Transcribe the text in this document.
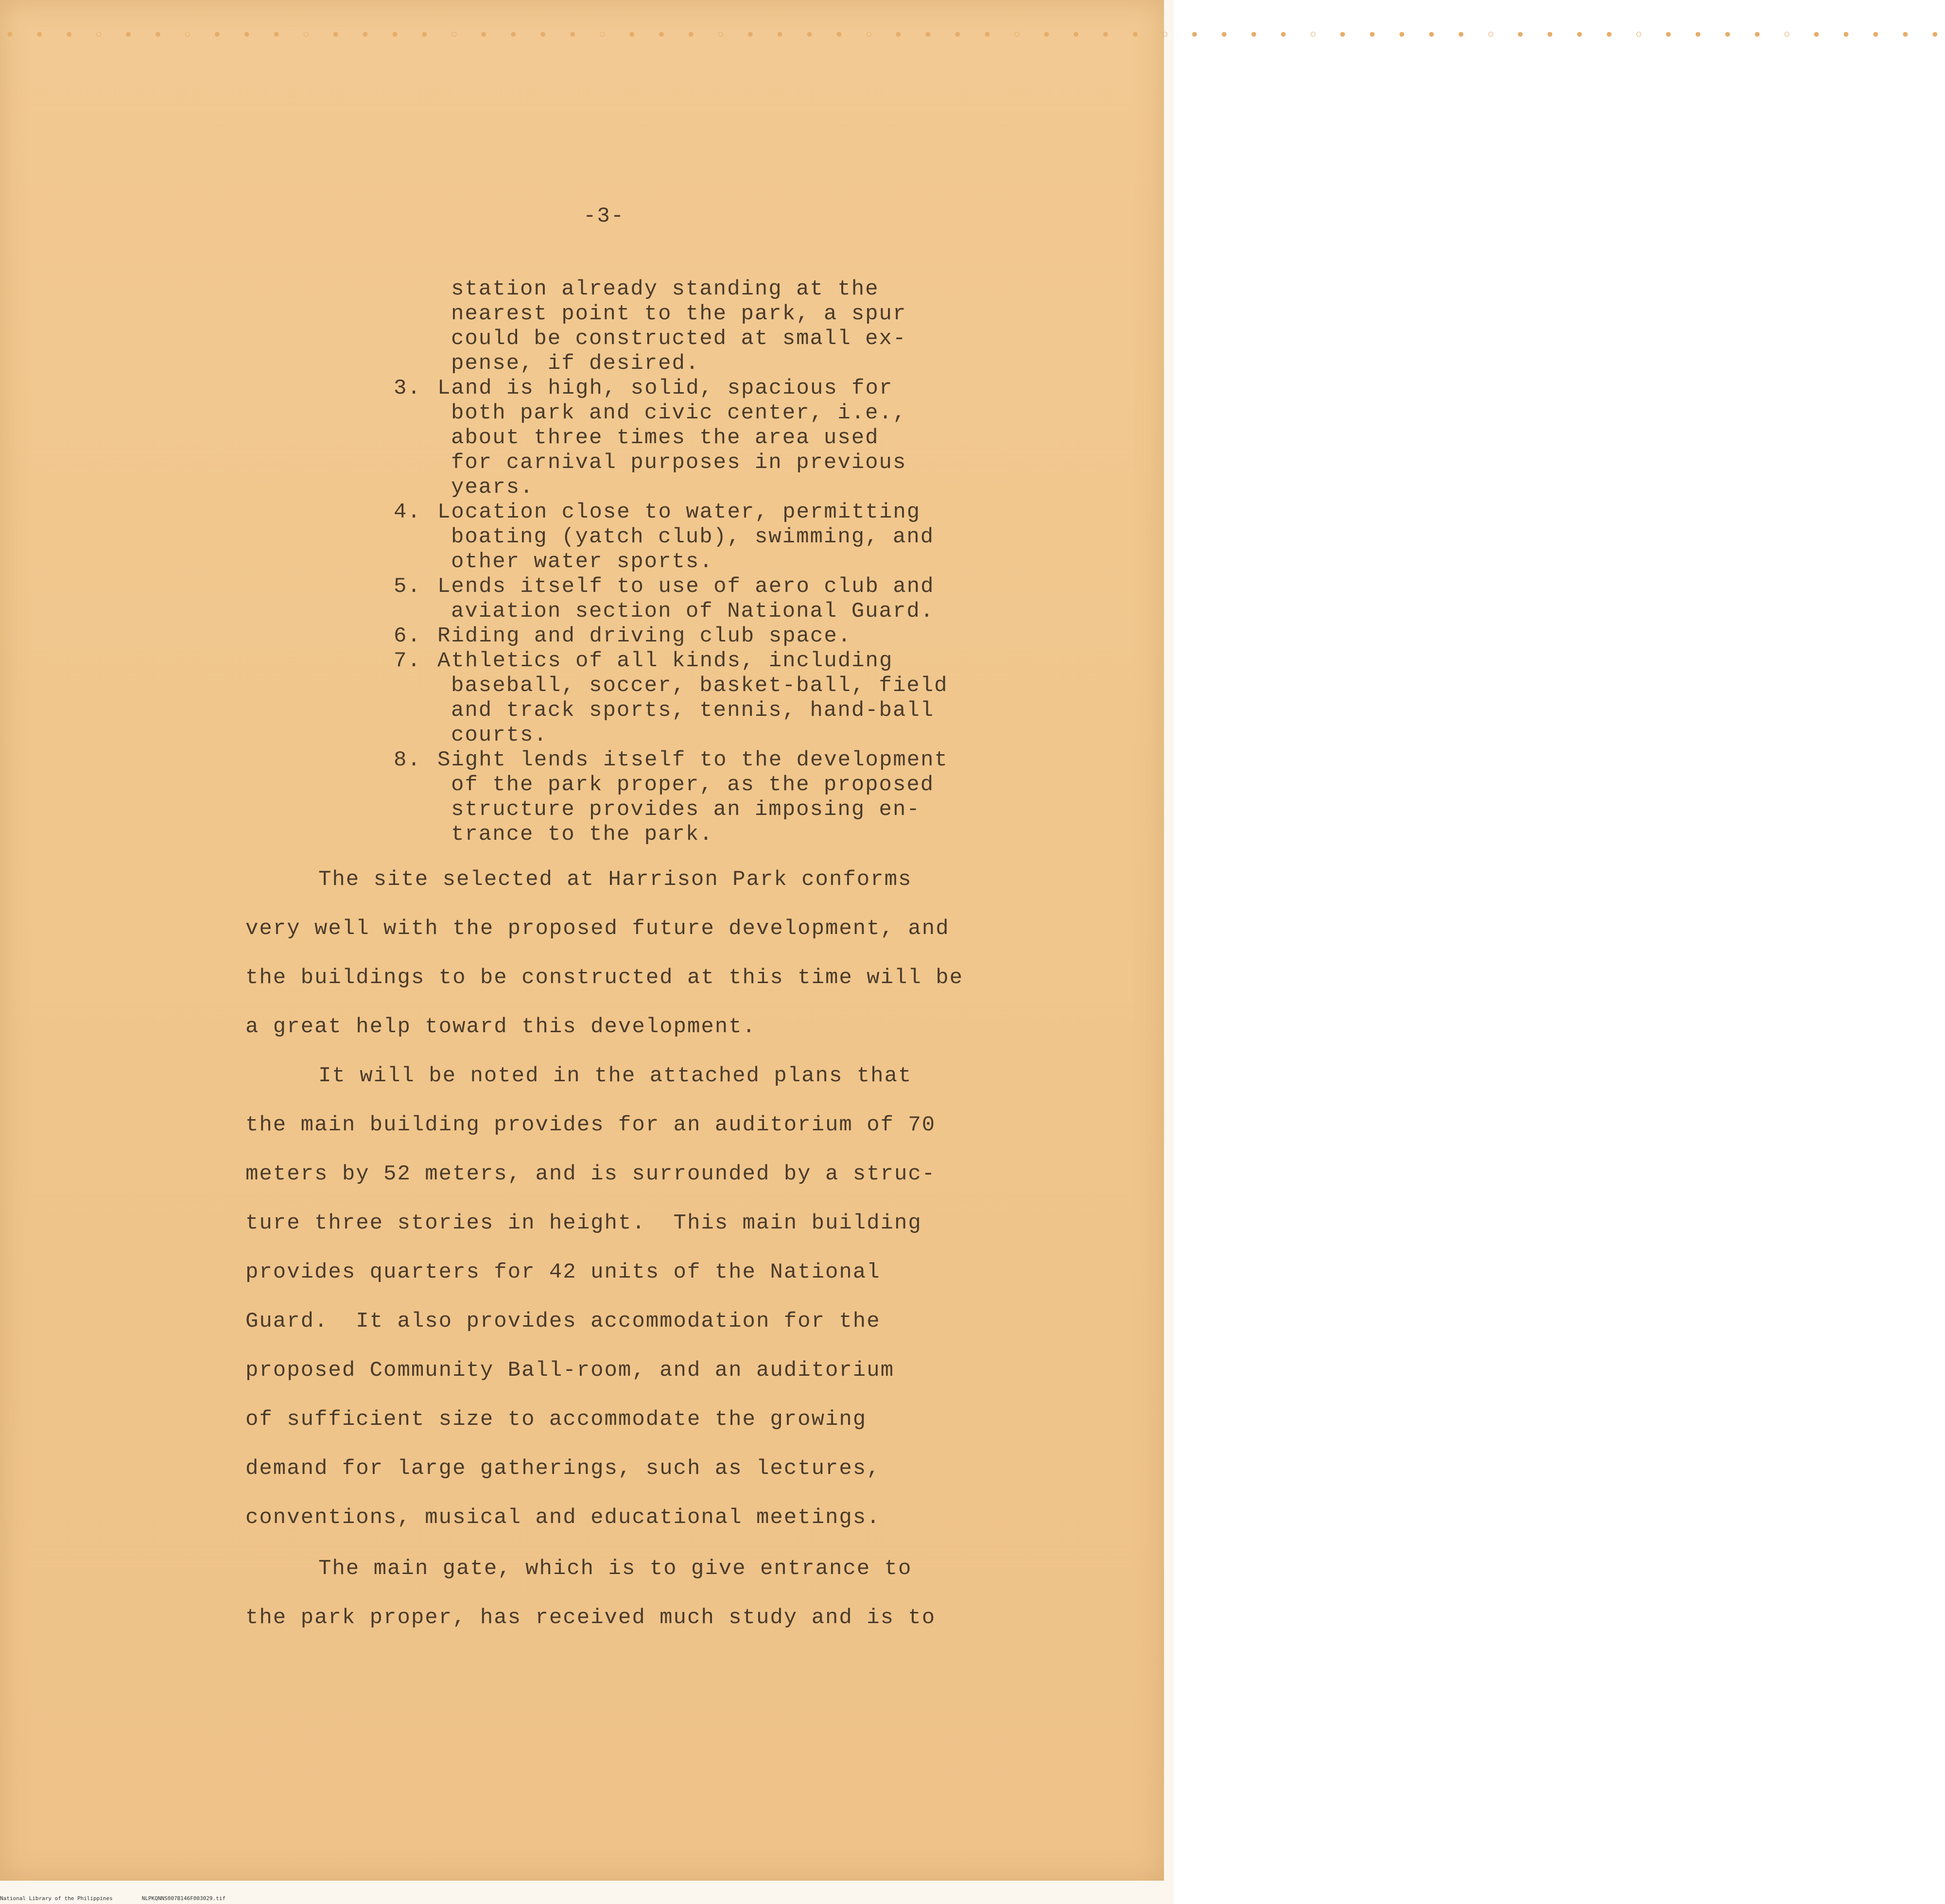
• • • ◦ • • ◦ • • • ◦ • • • • ◦ • • • • ◦ • • • ◦ • • • • ◦ • • • • ◦ • • • • ◦ • • • • ◦ • • • • • ◦ • • • • ◦ • • • • ◦ • • • • •
-3-
station already standing at the
nearest point to the park, a spur
could be constructed at small ex-
pense, if desired.
3. Land is high, solid, spacious for
both park and civic center, i.e.,
about three times the area used
for carnival purposes in previous
years.
4. Location close to water, permitting
boating (yatch club), swimming, and
other water sports.
5. Lends itself to use of aero club and
aviation section of National Guard.
6. Riding and driving club space.
7. Athletics of all kinds, including
baseball, soccer, basket-ball, field
and track sports, tennis, hand-ball
courts.
8. Sight lends itself to the development
of the park proper, as the proposed
structure provides an imposing en-
trance to the park.
The site selected at Harrison Park conforms
very well with the proposed future development, and
the buildings to be constructed at this time will be
a great help toward this development.
It will be noted in the attached plans that
the main building provides for an auditorium of 70
meters by 52 meters, and is surrounded by a struc-
ture three stories in height.  This main building
provides quarters for 42 units of the National
Guard.  It also provides accommodation for the
proposed Community Ball-room, and an auditorium
of sufficient size to accommodate the growing
demand for large gatherings, such as lectures,
conventions, musical and educational meetings.
The main gate, which is to give entrance to
the park proper, has received much study and is to
National Library of the Philippines	NLPKQNNS007B146F003029.tif
